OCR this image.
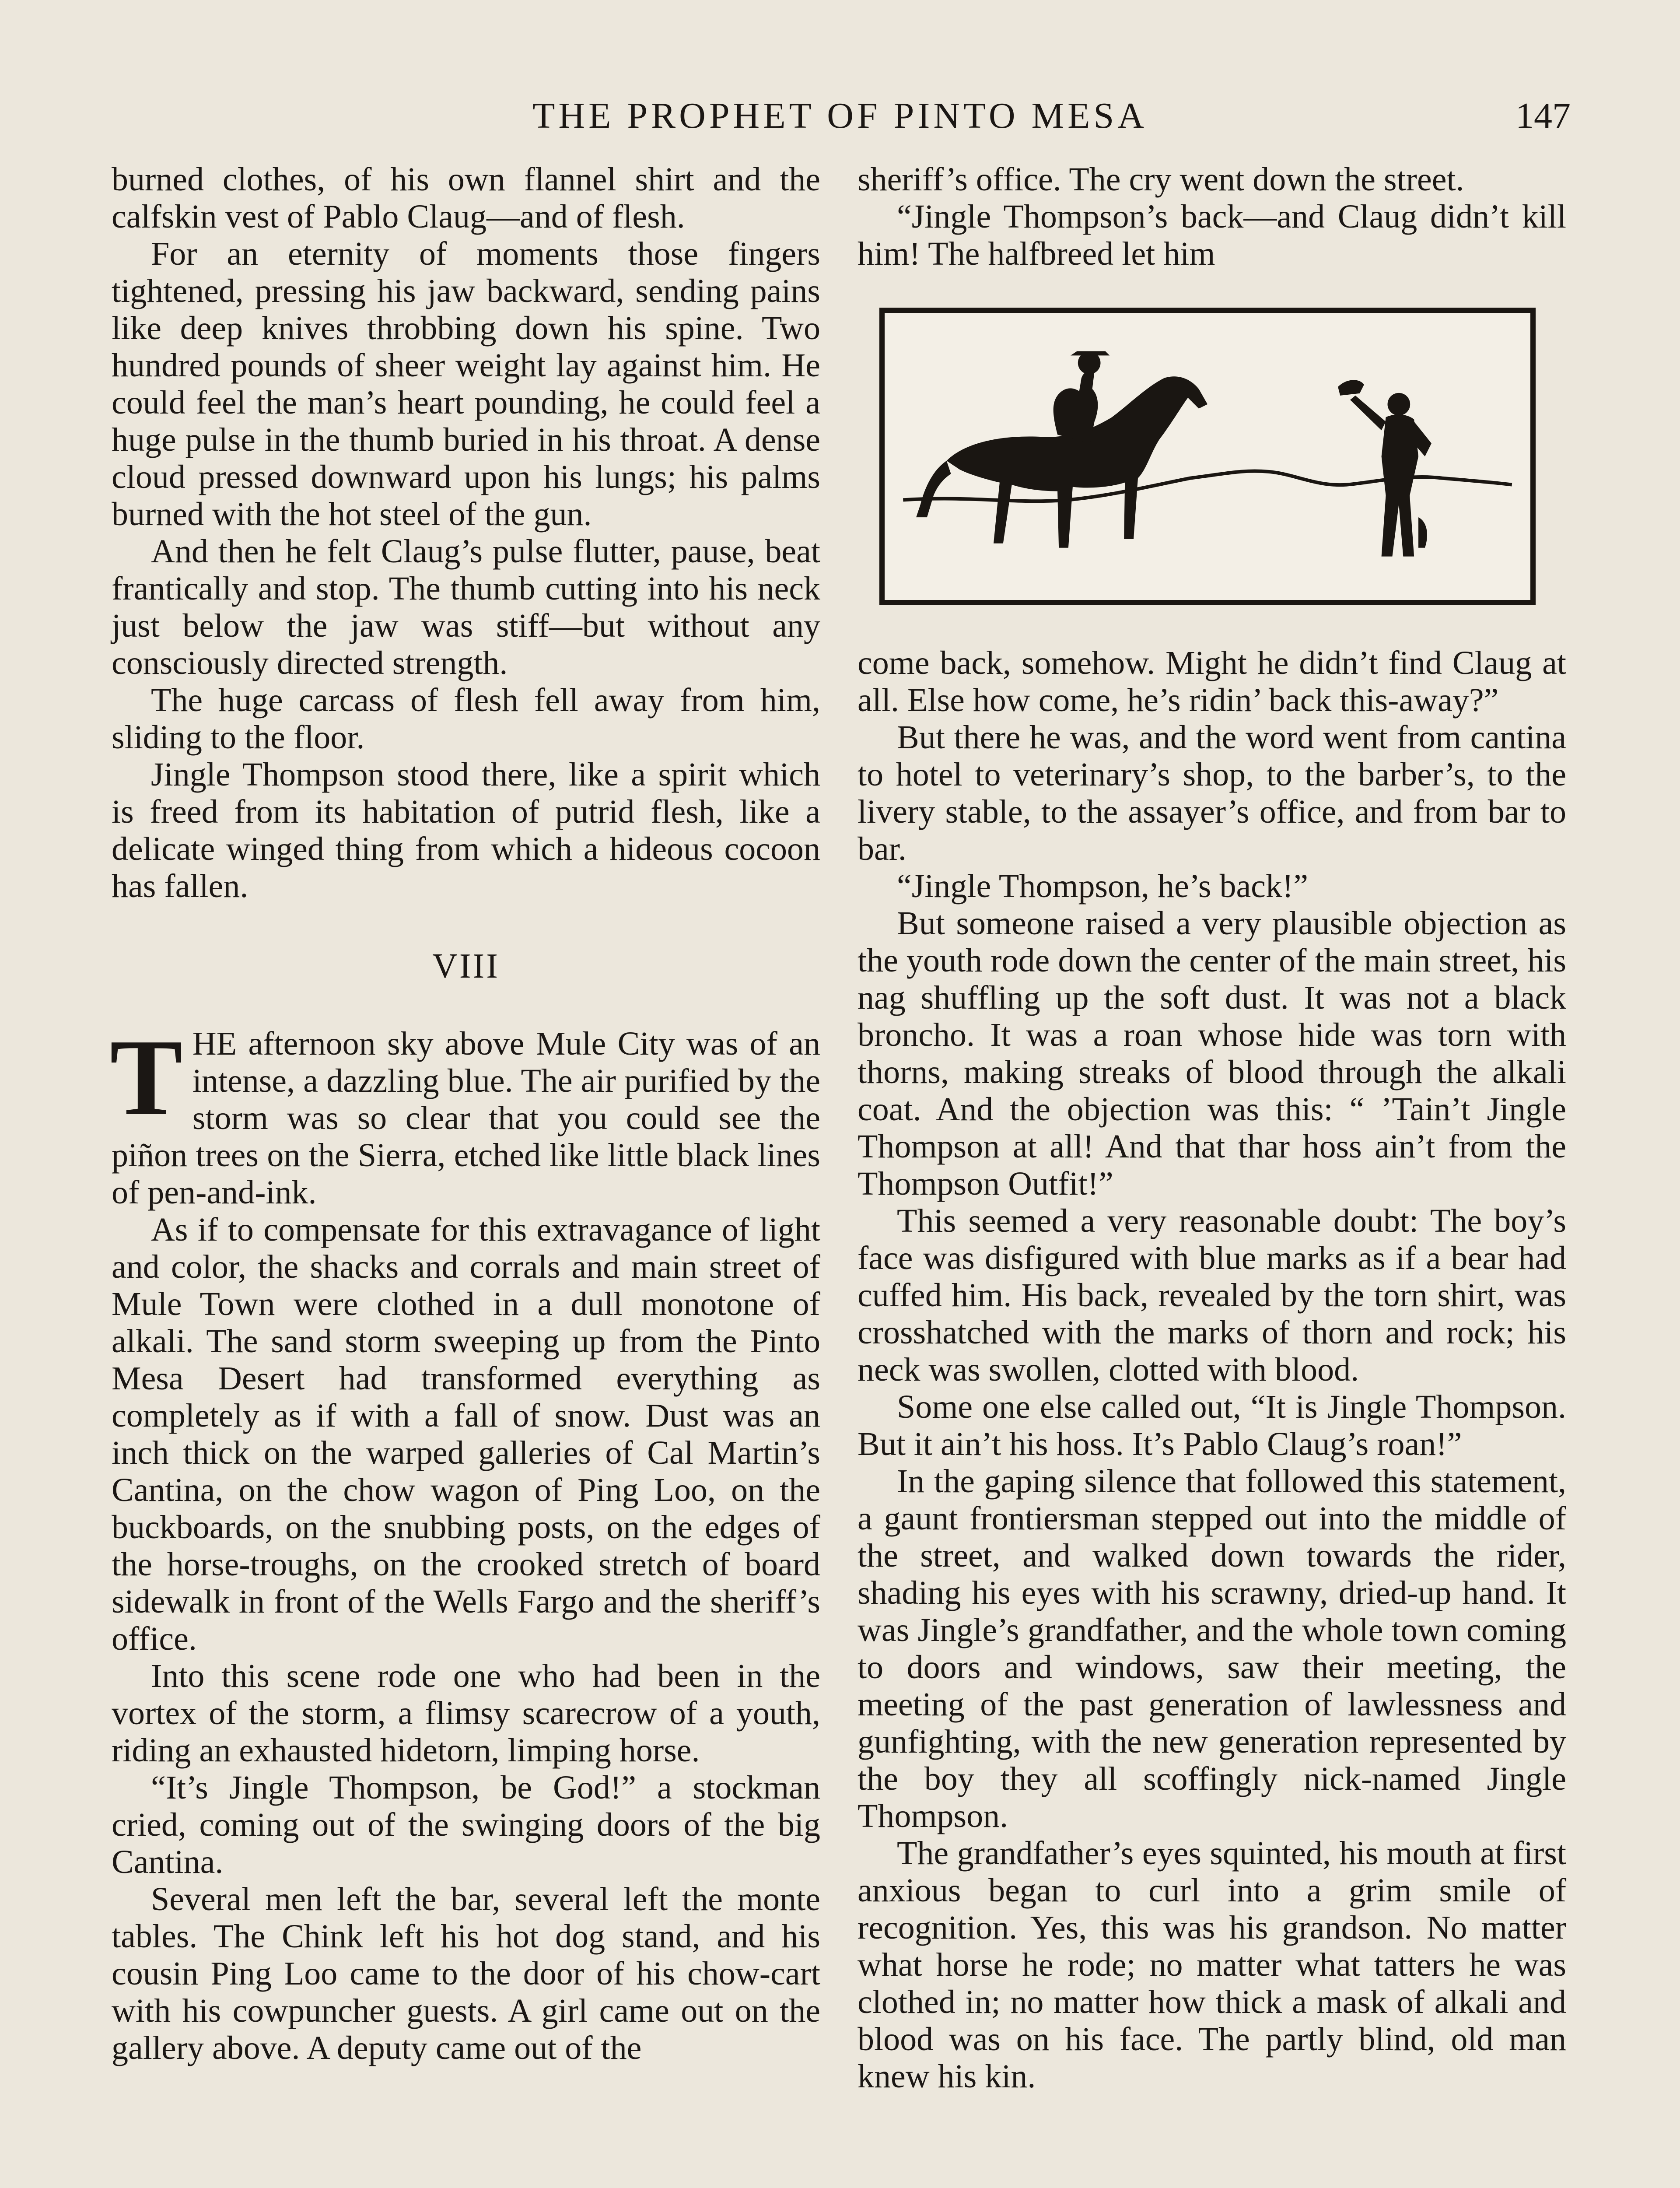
THE PROPHET OF PINTO MESA	147

burned clothes, of his own flannel shirt and the calfskin vest of Pablo Claug—and of flesh.

For an eternity of moments those fingers tightened, pressing his jaw backward, sending pains like deep knives throbbing down his spine. Two hundred pounds of sheer weight lay against him. He could feel the man’s heart pounding, he could feel a huge pulse in the thumb buried in his throat. A dense cloud pressed downward upon his lungs; his palms burned with the hot steel of the gun.

And then he felt Claug’s pulse flutter, pause, beat frantically and stop. The thumb cutting into his neck just below the jaw was stiff—but without any consciously directed strength.

The huge carcass of flesh fell away from him, sliding to the floor.

Jingle Thompson stood there, like a spirit which is freed from its habitation of putrid flesh, like a delicate winged thing from which a hideous cocoon has fallen.

VIII

THE afternoon sky above Mule City was of an intense, a dazzling blue. The air purified by the storm was so clear that you could see the piñon trees on the Sierra, etched like little black lines of pen-and-ink.

As if to compensate for this extravagance of light and color, the shacks and corrals and main street of Mule Town were clothed in a dull monotone of alkali. The sand storm sweeping up from the Pinto Mesa Desert had transformed everything as completely as if with a fall of snow. Dust was an inch thick on the warped galleries of Cal Martin’s Cantina, on the chow wagon of Ping Loo, on the buckboards, on the snubbing posts, on the edges of the horse-troughs, on the crooked stretch of board sidewalk in front of the Wells Fargo and the sheriff’s office.

Into this scene rode one who had been in the vortex of the storm, a flimsy scarecrow of a youth, riding an exhausted hidetorn, limping horse.

“It’s Jingle Thompson, be God!” a stockman cried, coming out of the swinging doors of the big Cantina.

Several men left the bar, several left the monte tables. The Chink left his hot dog stand, and his cousin Ping Loo came to the door of his chow-cart with his cowpuncher guests. A girl came out on the gallery above. A deputy came out of the

sheriff’s office. The cry went down the street.

“Jingle Thompson’s back—and Claug didn’t kill him! The halfbreed let him

come back, somehow. Might he didn’t find Claug at all. Else how come, he’s ridin’ back this-away?”

But there he was, and the word went from cantina to hotel to veterinary’s shop, to the barber’s, to the livery stable, to the assayer’s office, and from bar to bar.

“Jingle Thompson, he’s back!”

But someone raised a very plausible objection as the youth rode down the center of the main street, his nag shuffling up the soft dust. It was not a black broncho. It was a roan whose hide was torn with thorns, making streaks of blood through the alkali coat. And the objection was this: “ ’Tain’t Jingle Thompson at all! And that thar hoss ain’t from the Thompson Outfit!”

This seemed a very reasonable doubt: The boy’s face was disfigured with blue marks as if a bear had cuffed him. His back, revealed by the torn shirt, was crosshatched with the marks of thorn and rock; his neck was swollen, clotted with blood.

Some one else called out, “It is Jingle Thompson. But it ain’t his hoss. It’s Pablo Claug’s roan!”

In the gaping silence that followed this statement, a gaunt frontiersman stepped out into the middle of the street, and walked down towards the rider, shading his eyes with his scrawny, dried-up hand. It was Jingle’s grandfather, and the whole town coming to doors and windows, saw their meeting, the meeting of the past generation of lawlessness and gunfighting, with the new generation represented by the boy they all scoffingly nick-named Jingle Thompson.

The grandfather’s eyes squinted, his mouth at first anxious began to curl into a grim smile of recognition. Yes, this was his grandson. No matter what horse he rode; no matter what tatters he was clothed in; no matter how thick a mask of alkali and blood was on his face. The partly blind, old man knew his kin.
